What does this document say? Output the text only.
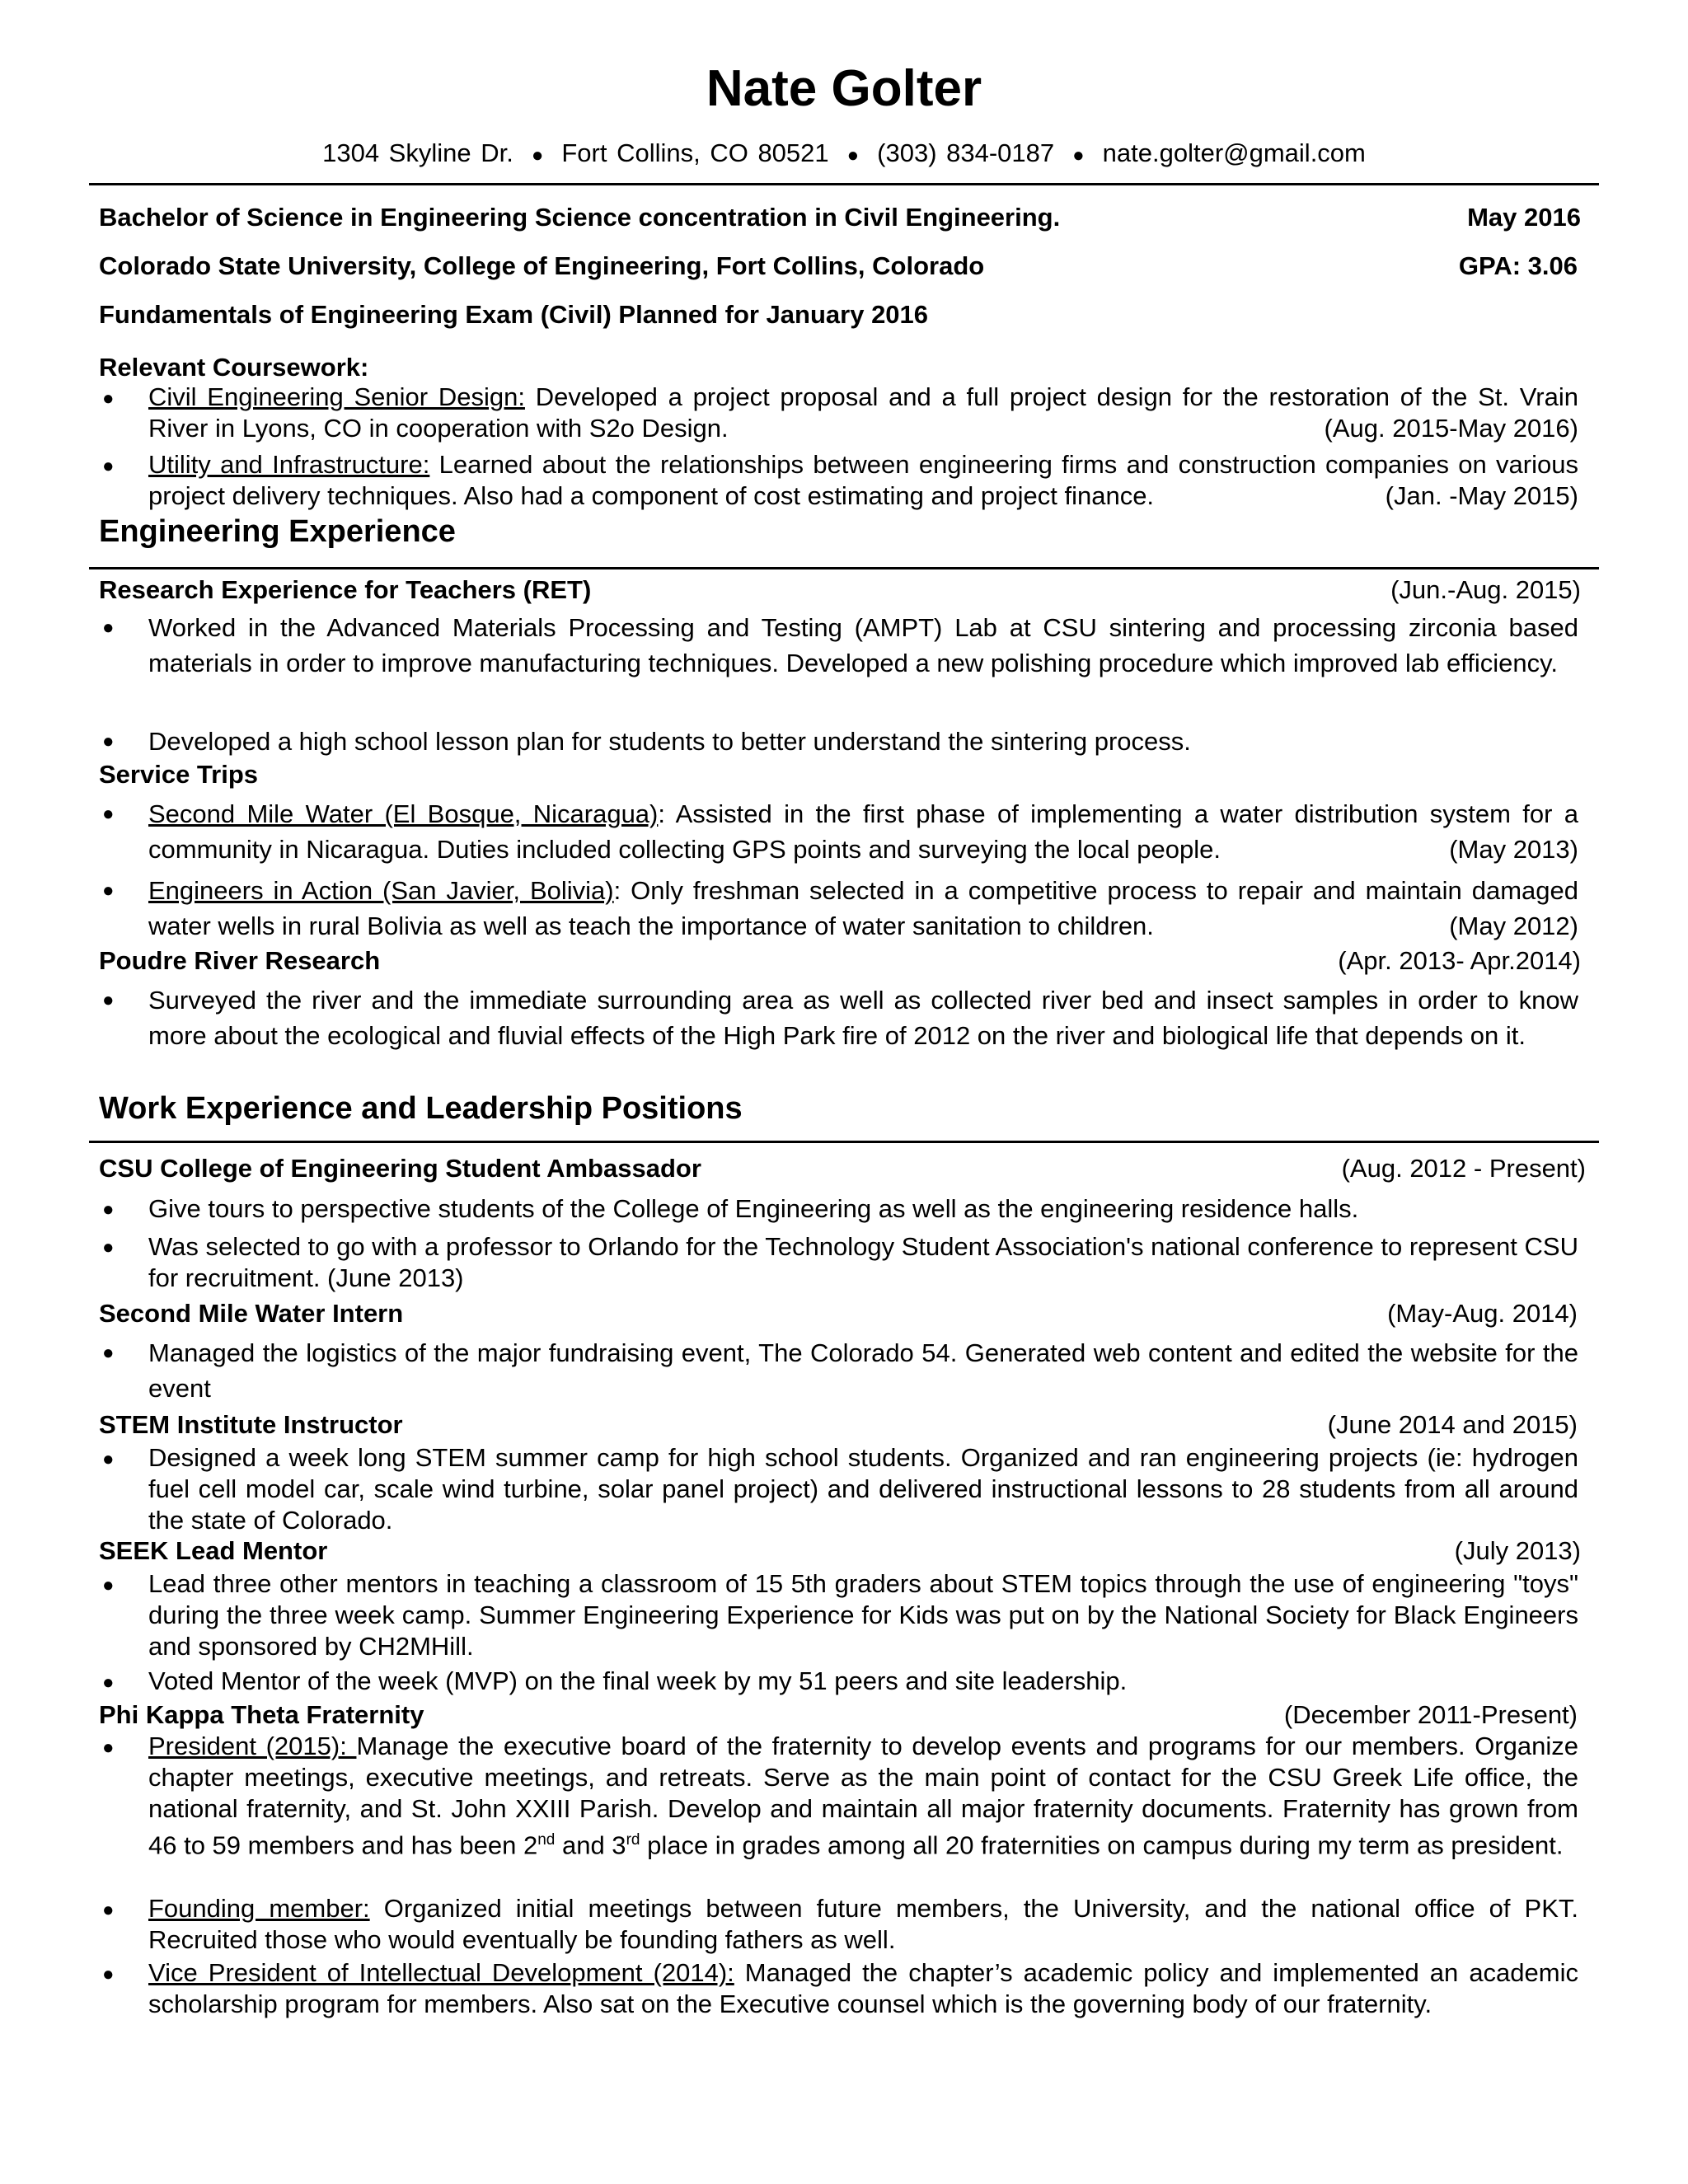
Nate Golter
1304 Skyline Dr. ● Fort Collins, CO 80521 ● (303) 834-0187 ● nate.golter@gmail.com
Bachelor of Science in Engineering Science concentration in Civil Engineering.	May 2016
Colorado State University, College of Engineering, Fort Collins, Colorado	GPA: 3.06
Fundamentals of Engineering Exam (Civil) Planned for January 2016
Relevant Coursework:
● Civil Engineering Senior Design: Developed a project proposal and a full project design for the restoration of the St. Vrain River in Lyons, CO in cooperation with S2o Design.	(Aug. 2015-May 2016)
● Utility and Infrastructure: Learned about the relationships between engineering firms and construction companies on various project delivery techniques. Also had a component of cost estimating and project finance.	(Jan. -May 2015)
Engineering Experience
Research Experience for Teachers (RET)	(Jun.-Aug. 2015)
● Worked in the Advanced Materials Processing and Testing (AMPT) Lab at CSU sintering and processing zirconia based materials in order to improve manufacturing techniques. Developed a new polishing procedure which improved lab efficiency.
● Developed a high school lesson plan for students to better understand the sintering process.
Service Trips
● Second Mile Water (El Bosque, Nicaragua): Assisted in the first phase of implementing a water distribution system for a community in Nicaragua. Duties included collecting GPS points and surveying the local people.	(May 2013)
● Engineers in Action (San Javier, Bolivia): Only freshman selected in a competitive process to repair and maintain damaged water wells in rural Bolivia as well as teach the importance of water sanitation to children.	(May 2012)
Poudre River Research	(Apr. 2013- Apr.2014)
● Surveyed the river and the immediate surrounding area as well as collected river bed and insect samples in order to know more about the ecological and fluvial effects of the High Park fire of 2012 on the river and biological life that depends on it.
Work Experience and Leadership Positions
CSU College of Engineering Student Ambassador	(Aug. 2012 - Present)
● Give tours to perspective students of the College of Engineering as well as the engineering residence halls.
● Was selected to go with a professor to Orlando for the Technology Student Association's national conference to represent CSU for recruitment. (June 2013)
Second Mile Water Intern	(May-Aug. 2014)
● Managed the logistics of the major fundraising event, The Colorado 54. Generated web content and edited the website for the event
STEM Institute Instructor	(June 2014 and 2015)
● Designed a week long STEM summer camp for high school students. Organized and ran engineering projects (ie: hydrogen fuel cell model car, scale wind turbine, solar panel project) and delivered instructional lessons to 28 students from all around the state of Colorado.
SEEK Lead Mentor	(July 2013)
● Lead three other mentors in teaching a classroom of 15 5th graders about STEM topics through the use of engineering "toys" during the three week camp. Summer Engineering Experience for Kids was put on by the National Society for Black Engineers and sponsored by CH2MHill.
● Voted Mentor of the week (MVP) on the final week by my 51 peers and site leadership.
Phi Kappa Theta Fraternity	(December 2011-Present)
● President (2015): Manage the executive board of the fraternity to develop events and programs for our members. Organize chapter meetings, executive meetings, and retreats. Serve as the main point of contact for the CSU Greek Life office, the national fraternity, and St. John XXIII Parish. Develop and maintain all major fraternity documents. Fraternity has grown from 46 to 59 members and has been 2nd and 3rd place in grades among all 20 fraternities on campus during my term as president.
● Founding member: Organized initial meetings between future members, the University, and the national office of PKT. Recruited those who would eventually be founding fathers as well.
● Vice President of Intellectual Development (2014): Managed the chapter’s academic policy and implemented an academic scholarship program for members. Also sat on the Executive counsel which is the governing body of our fraternity.
